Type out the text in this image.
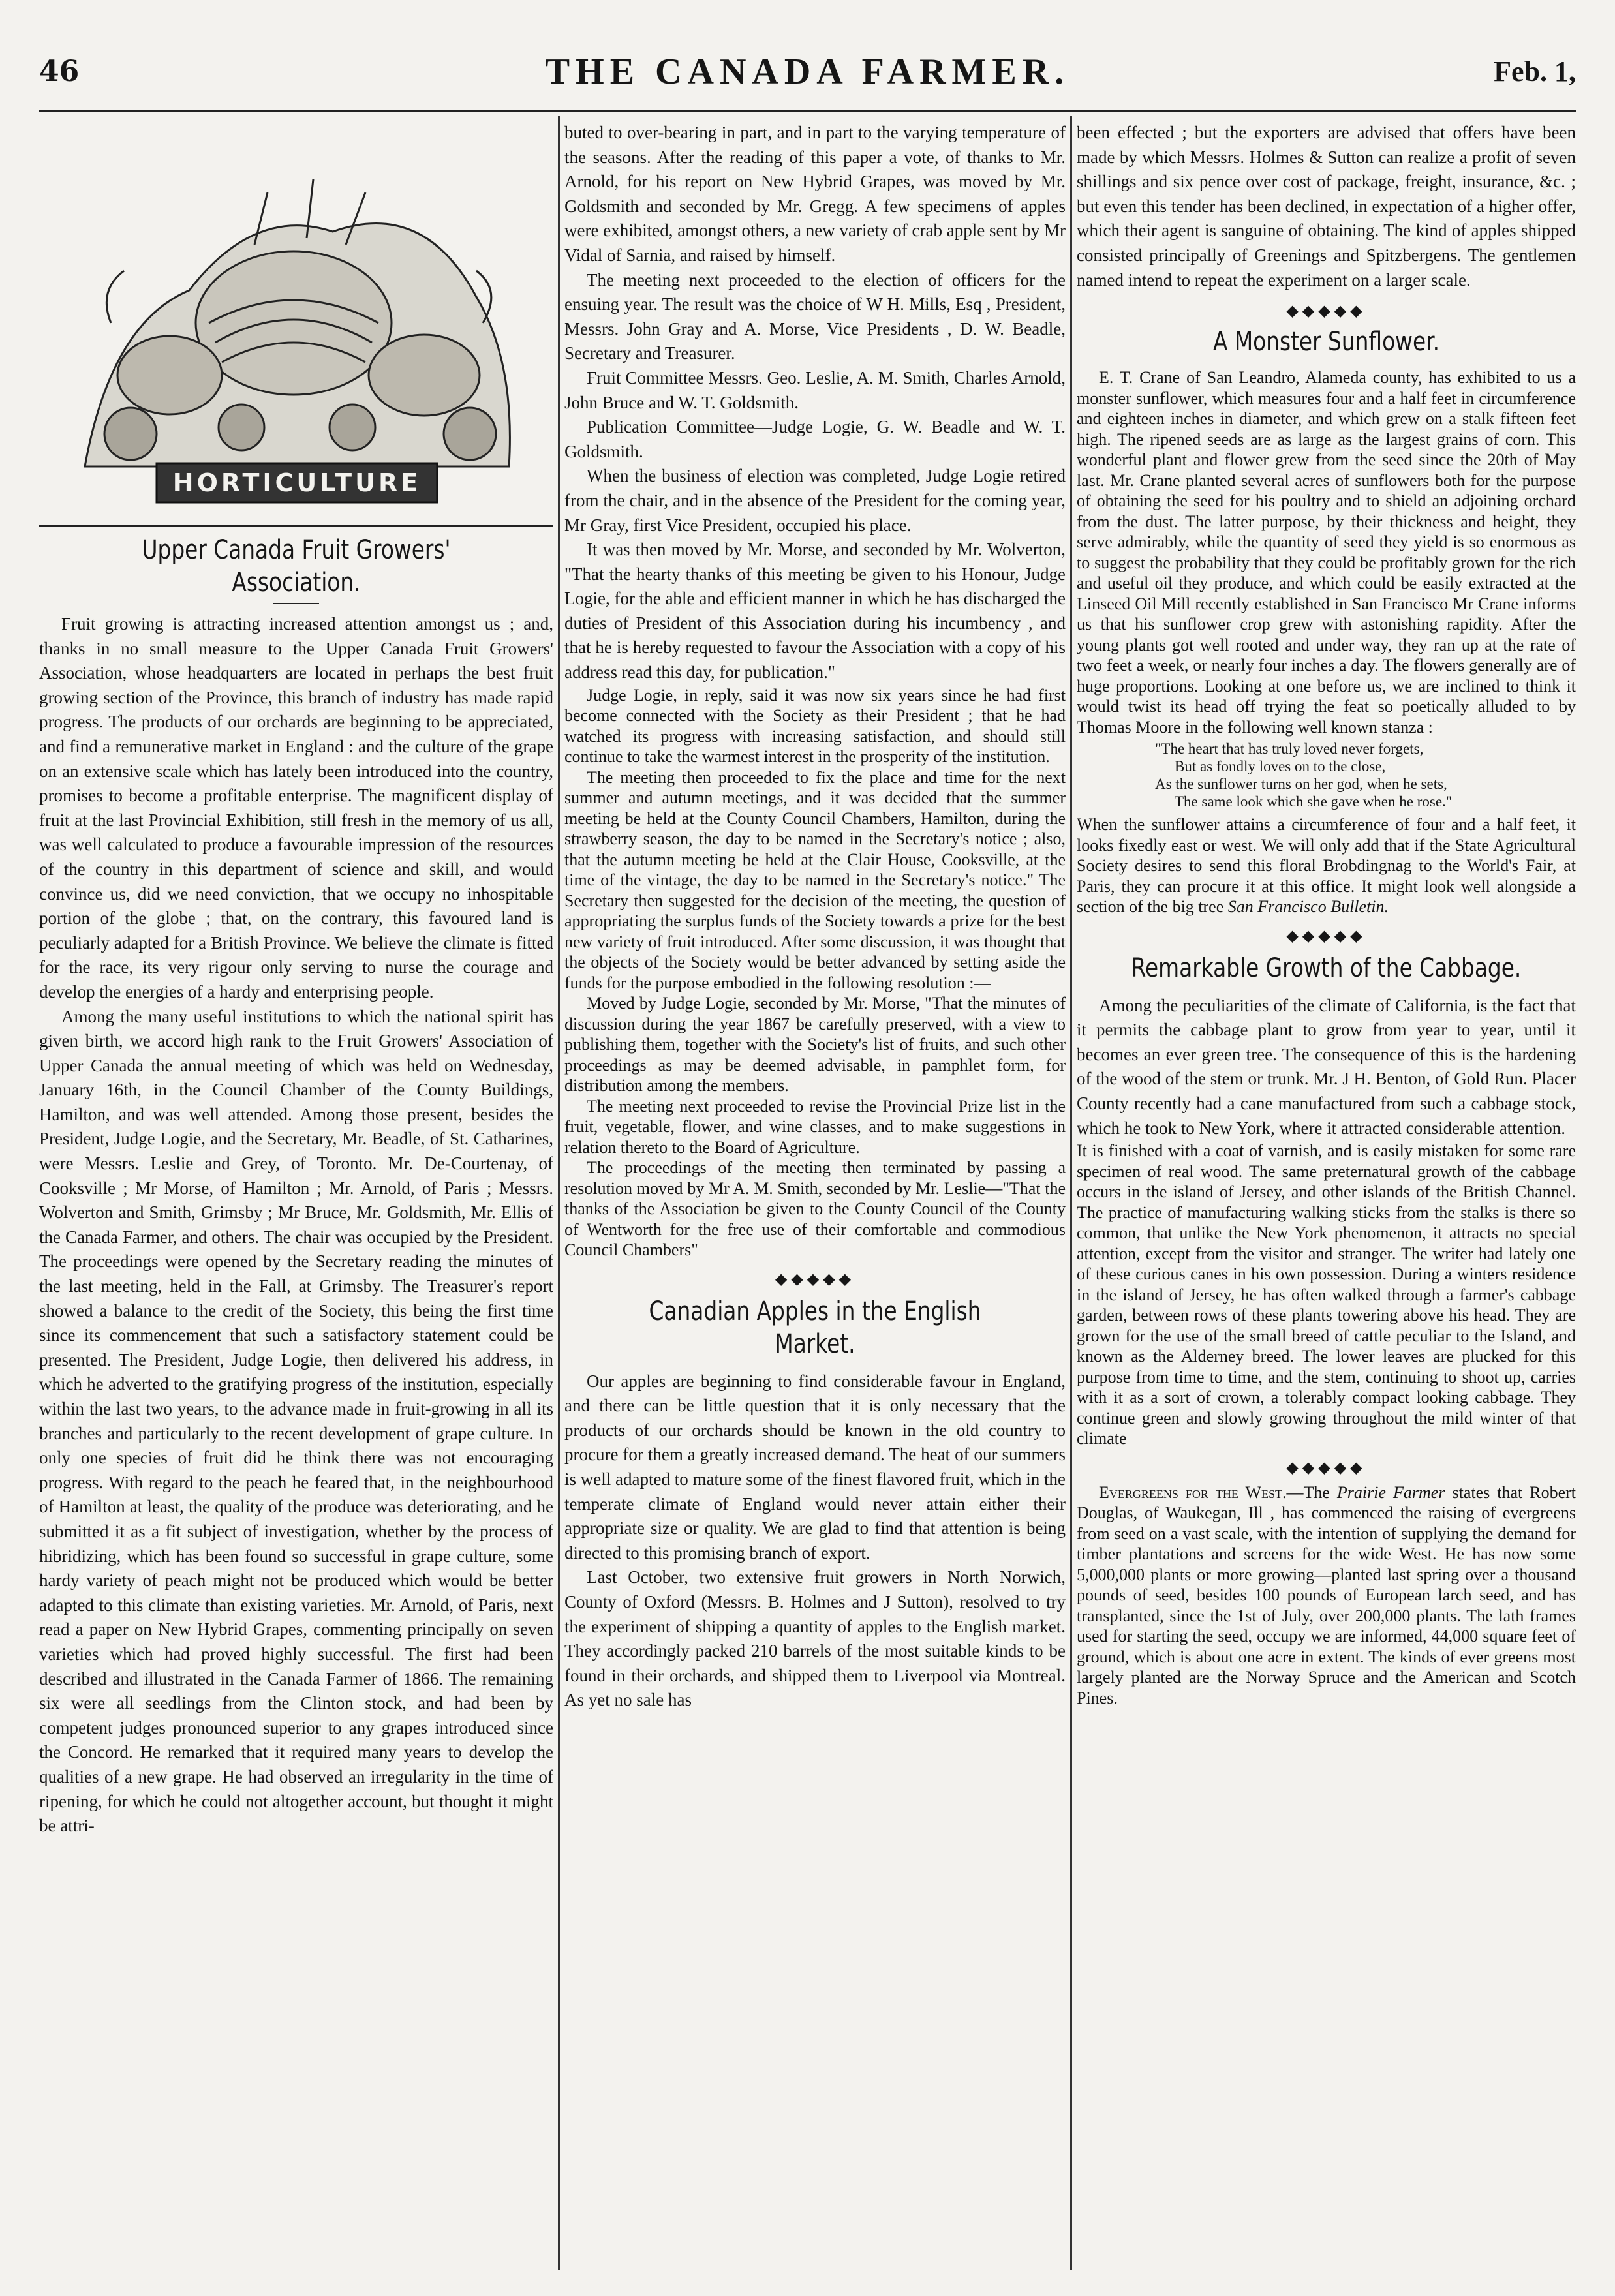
46	THE CANADA FARMER.	Feb. 1,
HORTICULTURE
Upper Canada Fruit Growers' Association.

Fruit growing is attracting increased attention amongst us ; and, thanks in no small measure to the Upper Canada Fruit Growers' Association, whose headquarters are located in perhaps the best fruit growing section of the Province, this branch of industry has made rapid progress. The products of our orchards are beginning to be appreciated, and find a remunerative market in England : and the culture of the grape on an extensive scale which has lately been introduced into the country, promises to become a profitable enterprise. The magnificent display of fruit at the last Provincial Exhibition, still fresh in the memory of us all, was well calculated to produce a favourable impression of the resources of the country in this department of science and skill, and would convince us, did we need conviction, that we occupy no inhospitable portion of the globe ; that, on the contrary, this favoured land is peculiarly adapted for a British Province. We believe the climate is fitted for the race, its very rigour only serving to nurse the courage and develop the energies of a hardy and enterprising people.

Among the many useful institutions to which the national spirit has given birth, we accord high rank to the Fruit Growers' Association of Upper Canada the annual meeting of which was held on Wednesday, January 16th, in the Council Chamber of the County Buildings, Hamilton, and was well attended. Among those present, besides the President, Judge Logie, and the Secretary, Mr. Beadle, of St. Catharines, were Messrs. Leslie and Grey, of Toronto. Mr. De-Courtenay, of Cooksville ; Mr Morse, of Hamilton ; Mr. Arnold, of Paris ; Messrs. Wolverton and Smith, Grimsby ; Mr Bruce, Mr. Goldsmith, Mr. Ellis of the Canada Farmer, and others. The chair was occupied by the President. The proceedings were opened by the Secretary reading the minutes of the last meeting, held in the Fall, at Grimsby. The Treasurer's report showed a balance to the credit of the Society, this being the first time since its commencement that such a satisfactory statement could be presented. The President, Judge Logie, then delivered his address, in which he adverted to the gratifying progress of the institution, especially within the last two years, to the advance made in fruit-growing in all its branches and particularly to the recent development of grape culture. In only one species of fruit did he think there was not encouraging progress. With regard to the peach he feared that, in the neighbourhood of Hamilton at least, the quality of the produce was deteriorating, and he submitted it as a fit subject of investigation, whether by the process of hibridizing, which has been found so successful in grape culture, some hardy variety of peach might not be produced which would be better adapted to this climate than existing varieties. Mr. Arnold, of Paris, next read a paper on New Hybrid Grapes, commenting principally on seven varieties which had proved highly successful. The first had been described and illustrated in the Canada Farmer of 1866. The remaining six were all seedlings from the Clinton stock, and had been by competent judges pronounced superior to any grapes introduced since the Concord. He remarked that it required many years to develop the qualities of a new grape. He had observed an irregularity in the time of ripening, for which he could not altogether account, but thought it might be attri-

buted to over-bearing in part, and in part to the varying temperature of the seasons. After the reading of this paper a vote, of thanks to Mr. Arnold, for his report on New Hybrid Grapes, was moved by Mr. Goldsmith and seconded by Mr. Gregg. A few specimens of apples were exhibited, amongst others, a new variety of crab apple sent by Mr Vidal of Sarnia, and raised by himself.

The meeting next proceeded to the election of officers for the ensuing year. The result was the choice of W H. Mills, Esq , President, Messrs. John Gray and A. Morse, Vice Presidents , D. W. Beadle, Secretary and Treasurer.

Fruit Committee Messrs. Geo. Leslie, A. M. Smith, Charles Arnold, John Bruce and W. T. Goldsmith.

Publication Committee—Judge Logie, G. W. Beadle and W. T. Goldsmith.

When the business of election was completed, Judge Logie retired from the chair, and in the absence of the President for the coming year, Mr Gray, first Vice President, occupied his place.

It was then moved by Mr. Morse, and seconded by Mr. Wolverton, "That the hearty thanks of this meeting be given to his Honour, Judge Logie, for the able and efficient manner in which he has discharged the duties of President of this Association during his incumbency , and that he is hereby requested to favour the Association with a copy of his address read this day, for publication."

Judge Logie, in reply, said it was now six years since he had first become connected with the Society as their President ; that he had watched its progress with increasing satisfaction, and should still continue to take the warmest interest in the prosperity of the institution.

The meeting then proceeded to fix the place and time for the next summer and autumn meetings, and it was decided that the summer meeting be held at the County Council Chambers, Hamilton, during the strawberry season, the day to be named in the Secretary's notice ; also, that the autumn meeting be held at the Clair House, Cooksville, at the time of the vintage, the day to be named in the Secretary's notice." The Secretary then suggested for the decision of the meeting, the question of appropriating the surplus funds of the Society towards a prize for the best new variety of fruit introduced. After some discussion, it was thought that the objects of the Society would be better advanced by setting aside the funds for the purpose embodied in the following resolution :—

Moved by Judge Logie, seconded by Mr. Morse, "That the minutes of discussion during the year 1867 be carefully preserved, with a view to publishing them, together with the Society's list of fruits, and such other proceedings as may be deemed advisable, in pamphlet form, for distribution among the members.

The meeting next proceeded to revise the Provincial Prize list in the fruit, vegetable, flower, and wine classes, and to make suggestions in relation thereto to the Board of Agriculture.

The proceedings of the meeting then terminated by passing a resolution moved by Mr A. M. Smith, seconded by Mr. Leslie—"That the thanks of the Association be given to the County Council of the County of Wentworth for the free use of their comfortable and commodious Council Chambers"

◆◆◆◆◆
Canadian Apples in the English Market.

Our apples are beginning to find considerable favour in England, and there can be little question that it is only necessary that the products of our orchards should be known in the old country to procure for them a greatly increased demand. The heat of our summers is well adapted to mature some of the finest flavored fruit, which in the temperate climate of England would never attain either their appropriate size or quality. We are glad to find that attention is being directed to this promising branch of export.

Last October, two extensive fruit growers in North Norwich, County of Oxford (Messrs. B. Holmes and J Sutton), resolved to try the experiment of shipping a quantity of apples to the English market. They accordingly packed 210 barrels of the most suitable kinds to be found in their orchards, and shipped them to Liverpool via Montreal. As yet no sale has

been effected ; but the exporters are advised that offers have been made by which Messrs. Holmes & Sutton can realize a profit of seven shillings and six pence over cost of package, freight, insurance, &c. ; but even this tender has been declined, in expectation of a higher offer, which their agent is sanguine of obtaining. The kind of apples shipped consisted principally of Greenings and Spitzbergens. The gentlemen named intend to repeat the experiment on a larger scale.

◆◆◆◆◆
A Monster Sunflower.

E. T. Crane of San Leandro, Alameda county, has exhibited to us a monster sunflower, which measures four and a half feet in circumference and eighteen inches in diameter, and which grew on a stalk fifteen feet high. The ripened seeds are as large as the largest grains of corn. This wonderful plant and flower grew from the seed since the 20th of May last. Mr. Crane planted several acres of sunflowers both for the purpose of obtaining the seed for his poultry and to shield an adjoining orchard from the dust. The latter purpose, by their thickness and height, they serve admirably, while the quantity of seed they yield is so enormous as to suggest the probability that they could be profitably grown for the rich and useful oil they produce, and which could be easily extracted at the Linseed Oil Mill recently established in San Francisco Mr Crane informs us that his sunflower crop grew with astonishing rapidity. After the young plants got well rooted and under way, they ran up at the rate of two feet a week, or nearly four inches a day. The flowers generally are of huge proportions. Looking at one before us, we are inclined to think it would twist its head off trying the feat so poetically alluded to by Thomas Moore in the following well known stanza :

"The heart that has truly loved never forgets,
But as fondly loves on to the close,
As the sunflower turns on her god, when he sets,
The same look which she gave when he rose."

When the sunflower attains a circumference of four and a half feet, it looks fixedly east or west. We will only add that if the State Agricultural Society desires to send this floral Brobdingnag to the World's Fair, at Paris, they can procure it at this office. It might look well alongside a section of the big tree San Francisco Bulletin.

◆◆◆◆◆
Remarkable Growth of the Cabbage.

Among the peculiarities of the climate of California, is the fact that it permits the cabbage plant to grow from year to year, until it becomes an ever green tree. The consequence of this is the hardening of the wood of the stem or trunk. Mr. J H. Benton, of Gold Run. Placer County recently had a cane manufactured from such a cabbage stock, which he took to New York, where it attracted considerable attention.

It is finished with a coat of varnish, and is easily mistaken for some rare specimen of real wood. The same preternatural growth of the cabbage occurs in the island of Jersey, and other islands of the British Channel. The practice of manufacturing walking sticks from the stalks is there so common, that unlike the New York phenomenon, it attracts no special attention, except from the visitor and stranger. The writer had lately one of these curious canes in his own possession. During a winters residence in the island of Jersey, he has often walked through a farmer's cabbage garden, between rows of these plants towering above his head. They are grown for the use of the small breed of cattle peculiar to the Island, and known as the Alderney breed. The lower leaves are plucked for this purpose from time to time, and the stem, continuing to shoot up, carries with it as a sort of crown, a tolerably compact looking cabbage. They continue green and slowly growing throughout the mild winter of that climate

◆◆◆◆◆

Evergreens for the West.—The Prairie Farmer states that Robert Douglas, of Waukegan, Ill , has commenced the raising of evergreens from seed on a vast scale, with the intention of supplying the demand for timber plantations and screens for the wide West. He has now some 5,000,000 plants or more growing—planted last spring over a thousand pounds of seed, besides 100 pounds of European larch seed, and has transplanted, since the 1st of July, over 200,000 plants. The lath frames used for starting the seed, occupy we are informed, 44,000 square feet of ground, which is about one acre in extent. The kinds of ever greens most largely planted are the Norway Spruce and the American and Scotch Pines.
